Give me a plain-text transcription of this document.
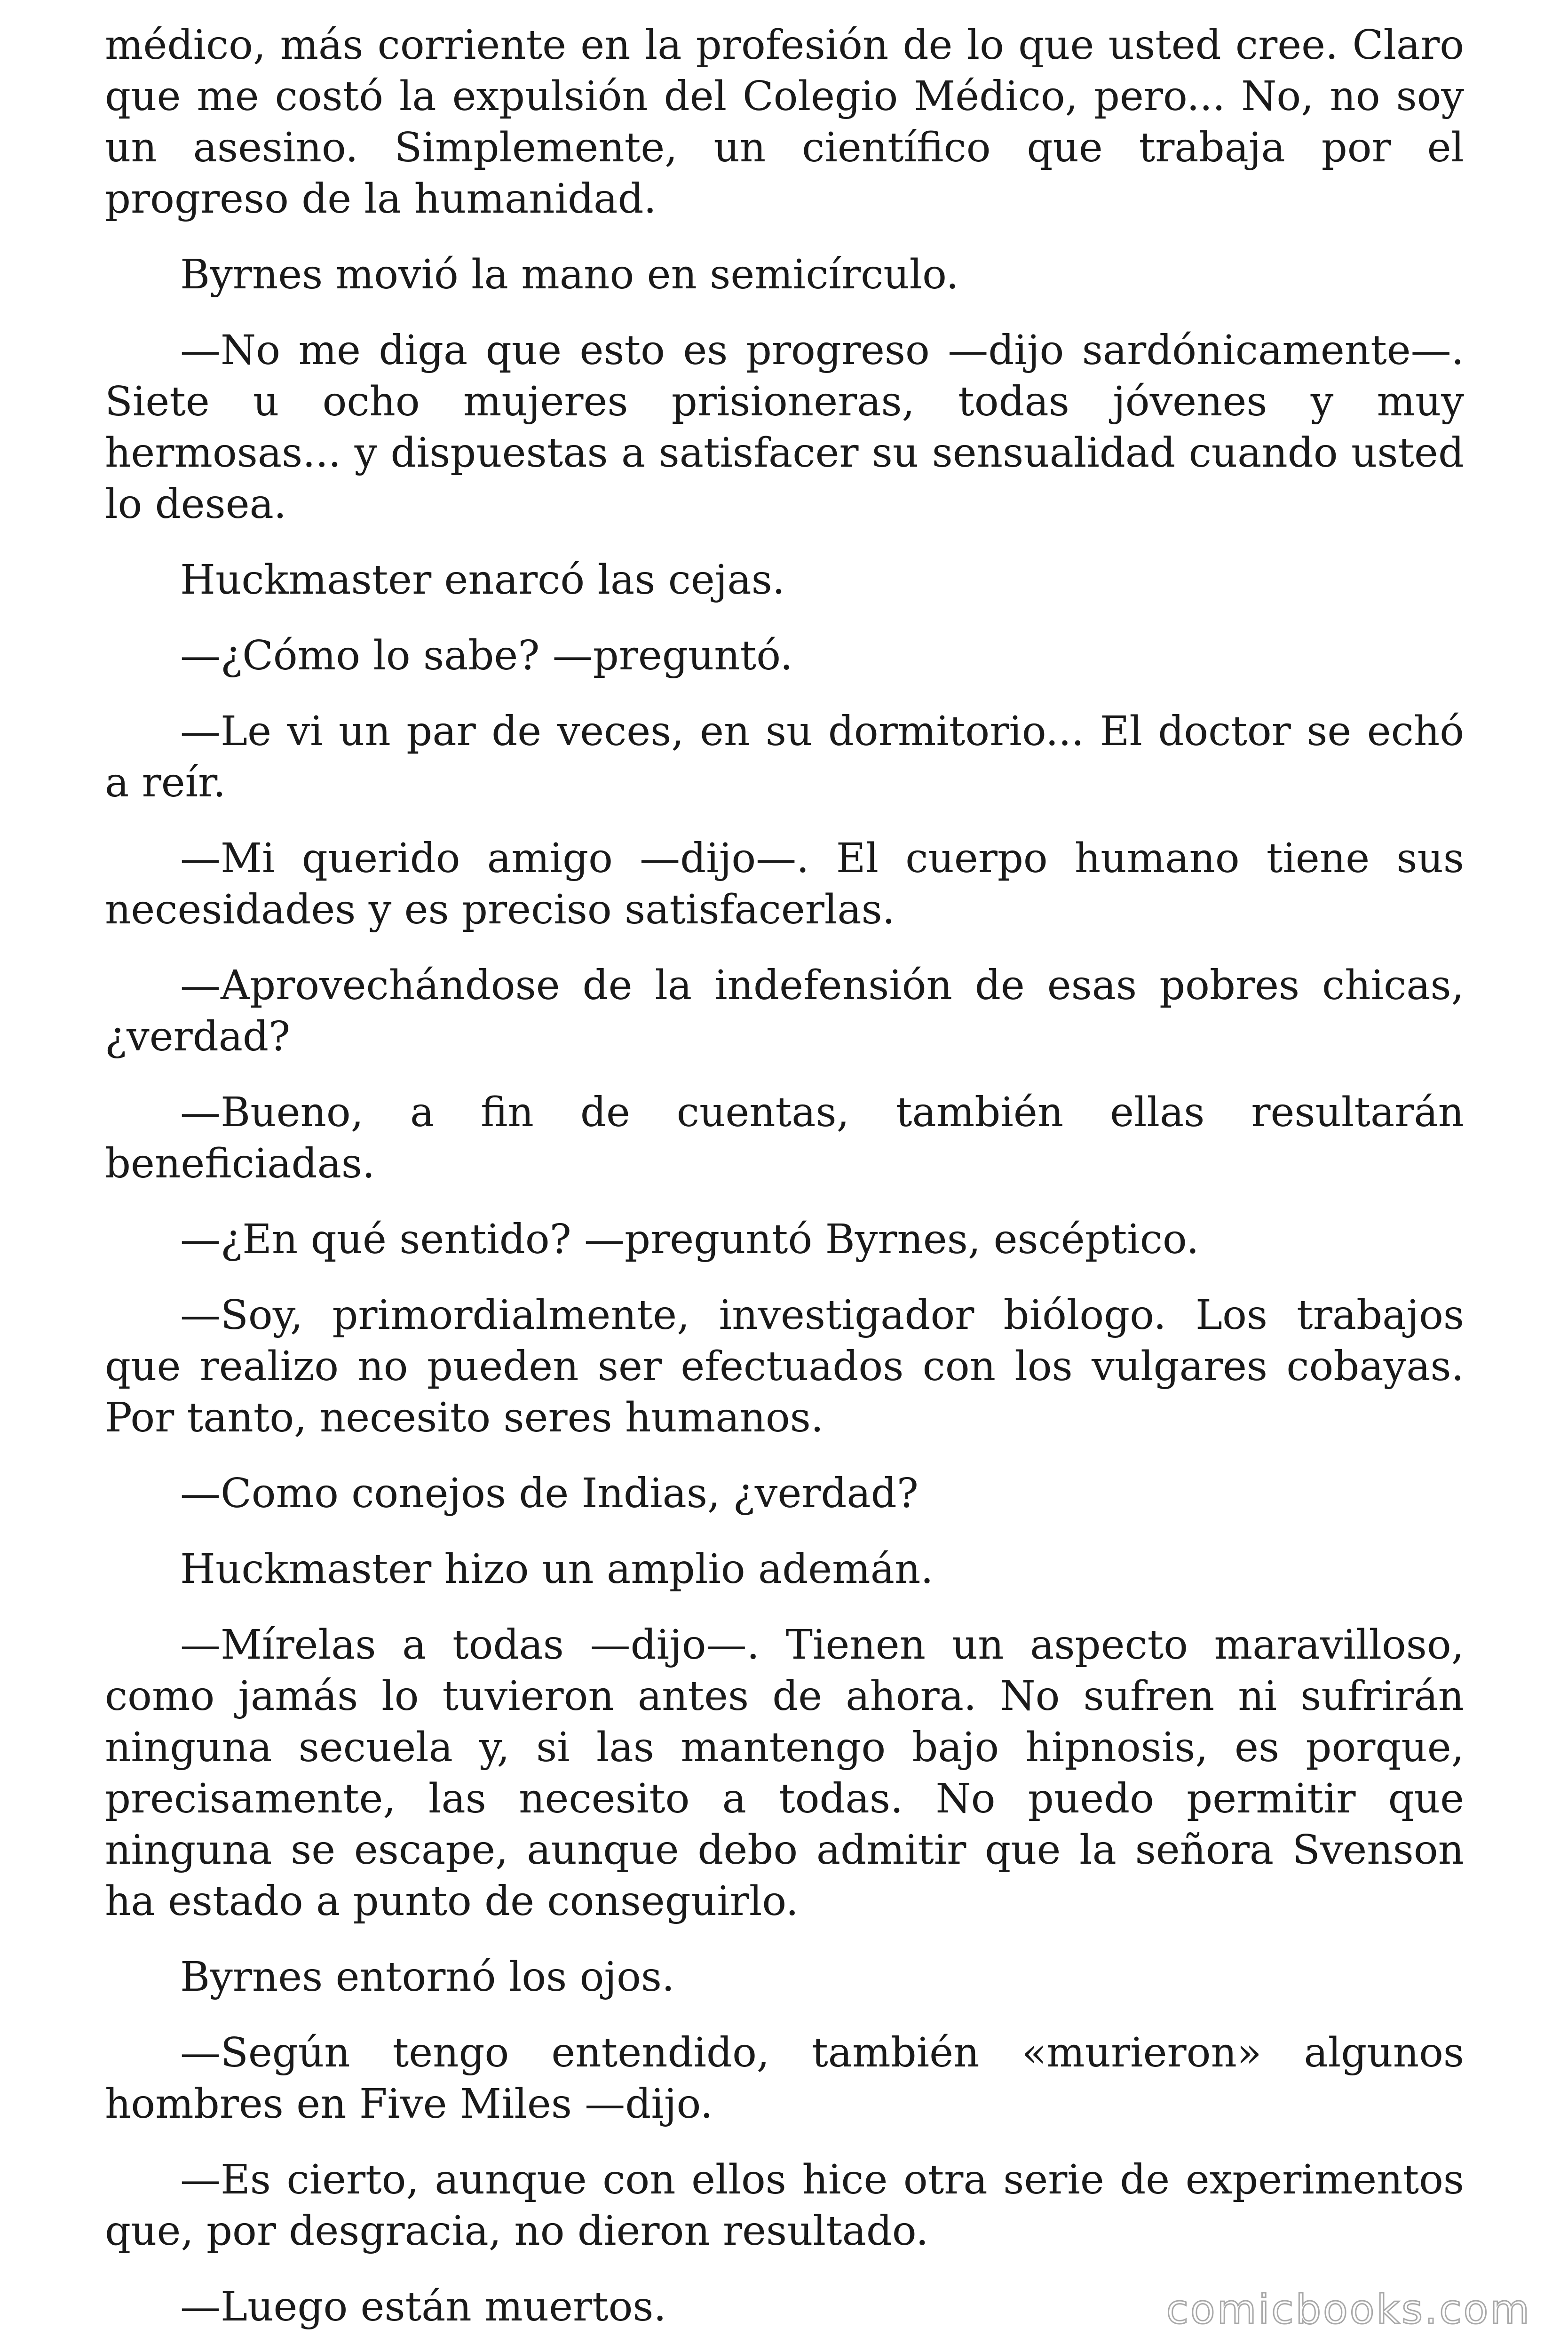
médico, más corriente en la profesión de lo que usted cree. Claro que me costó la expulsión del Colegio Médico, pero... No, no soy un asesino. Simplemente, un científico que trabaja por el progreso de la humanidad.

Byrnes movió la mano en semicírculo.

—No me diga que esto es progreso —dijo sardónicamente—. Siete u ocho mujeres prisioneras, todas jóvenes y muy hermosas... y dispuestas a satisfacer su sensualidad cuando usted lo desea.

Huckmaster enarcó las cejas.

—¿Cómo lo sabe? —preguntó.

—Le vi un par de veces, en su dormitorio... El doctor se echó a reír.

—Mi querido amigo —dijo—. El cuerpo humano tiene sus necesidades y es preciso satisfacerlas.

—Aprovechándose de la indefensión de esas pobres chicas, ¿verdad?

—Bueno, a fin de cuentas, también ellas resultarán beneficiadas.

—¿En qué sentido? —preguntó Byrnes, escéptico.

—Soy, primordialmente, investigador biólogo. Los trabajos que realizo no pueden ser efectuados con los vulgares cobayas. Por tanto, necesito seres humanos.

—Como conejos de Indias, ¿verdad?

Huckmaster hizo un amplio ademán.

—Mírelas a todas —dijo—. Tienen un aspecto maravilloso, como jamás lo tuvieron antes de ahora. No sufren ni sufrirán ninguna secuela y, si las mantengo bajo hipnosis, es porque, precisamente, las necesito a todas. No puedo permitir que ninguna se escape, aunque debo admitir que la señora Svenson ha estado a punto de conseguirlo.

Byrnes entornó los ojos.

—Según tengo entendido, también «murieron» algunos hombres en Five Miles —dijo.

—Es cierto, aunque con ellos hice otra serie de experimentos que, por desgracia, no dieron resultado.

—Luego están muertos.	comicbooks.com
